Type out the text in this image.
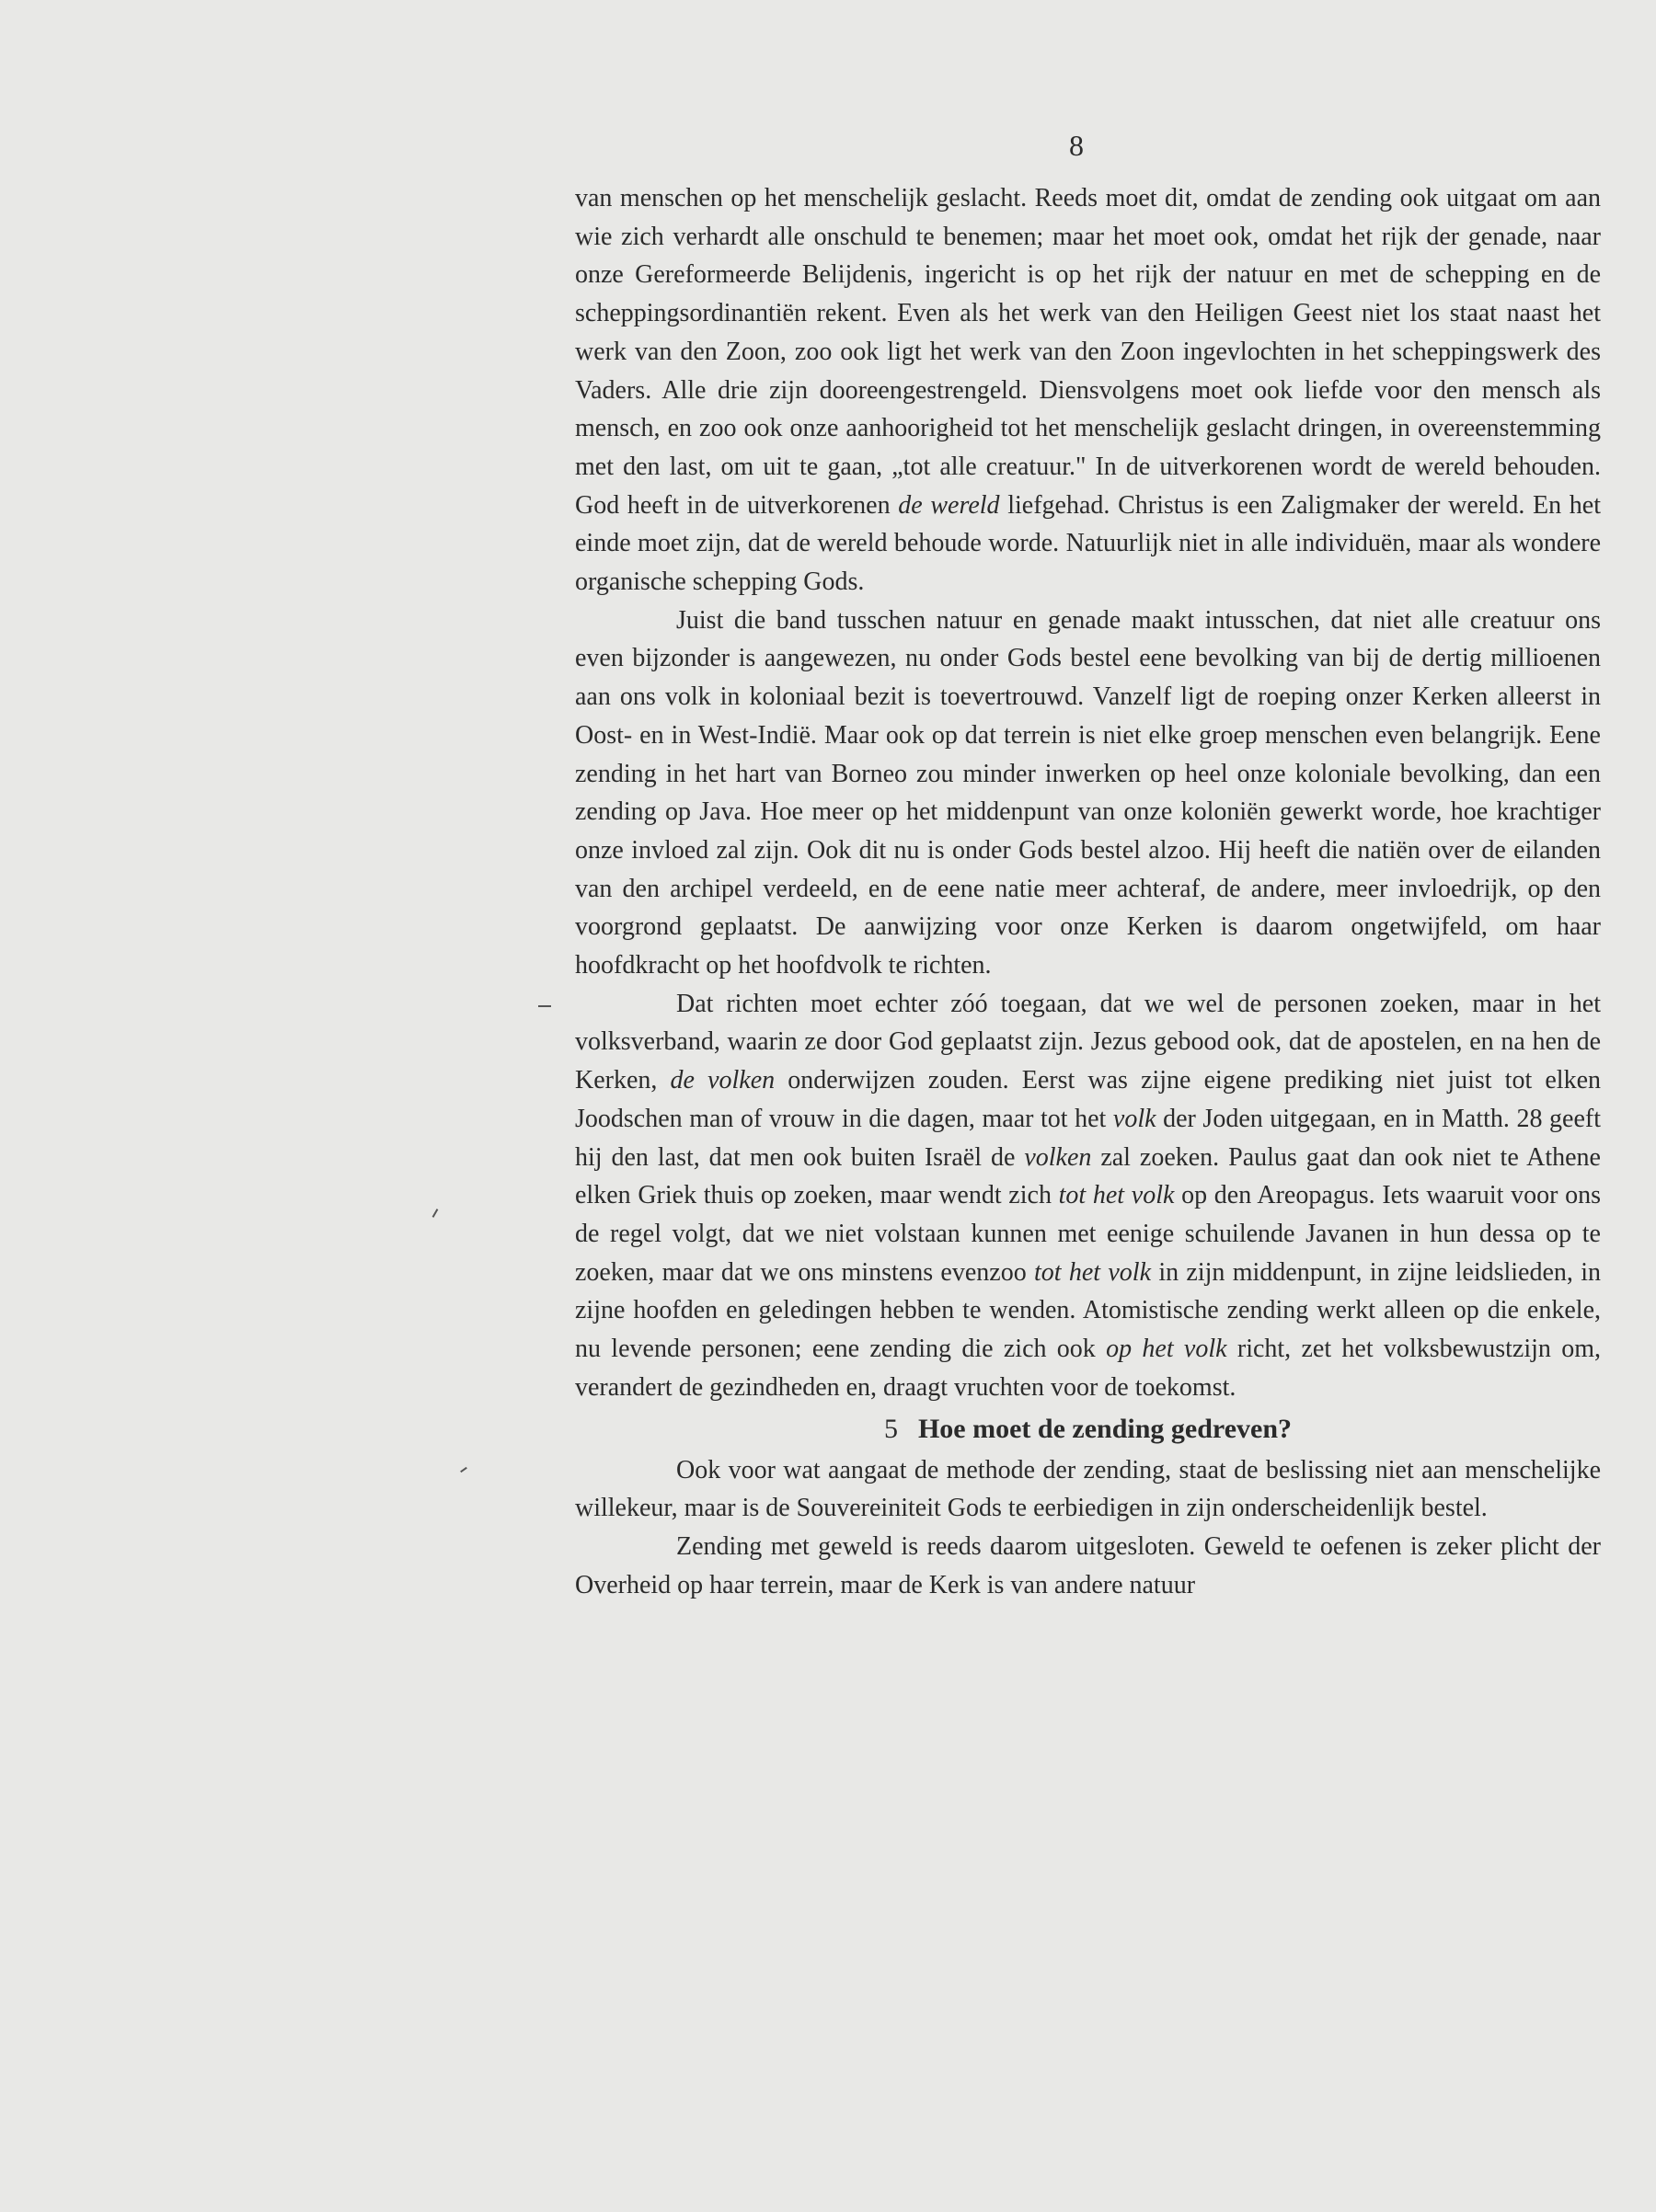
8

van menschen op het menschelijk geslacht. Reeds moet dit, omdat de zending ook uitgaat om aan wie zich verhardt alle onschuld te benemen; maar het moet ook, omdat het rijk der genade, naar onze Gereformeerde Belijdenis, ingericht is op het rijk der natuur en met de schepping en de scheppingsordinantiën rekent. Even als het werk van den Heiligen Geest niet los staat naast het werk van den Zoon, zoo ook ligt het werk van den Zoon ingevlochten in het scheppingswerk des Vaders. Alle drie zijn dooreengestrengeld. Diensvolgens moet ook liefde voor den mensch als mensch, en zoo ook onze aanhoorigheid tot het menschelijk geslacht dringen, in overeenstemming met den last, om uit te gaan, „tot alle creatuur." In de uitverkorenen wordt de wereld behouden. God heeft in de uitverkorenen de wereld liefgehad. Christus is een Zaligmaker der wereld. En het einde moet zijn, dat de wereld behoude worde. Natuurlijk niet in alle individuën, maar als wondere organische schepping Gods.

Juist die band tusschen natuur en genade maakt intusschen, dat niet alle creatuur ons even bijzonder is aangewezen, nu onder Gods bestel eene bevolking van bij de dertig millioenen aan ons volk in koloniaal bezit is toevertrouwd. Vanzelf ligt de roeping onzer Kerken alleerst in Oost- en in West-Indië. Maar ook op dat terrein is niet elke groep menschen even belangrijk. Eene zending in het hart van Borneo zou minder inwerken op heel onze koloniale bevolking, dan een zending op Java. Hoe meer op het middenpunt van onze koloniën gewerkt worde, hoe krachtiger onze invloed zal zijn. Ook dit nu is onder Gods bestel alzoo. Hij heeft die natiën over de eilanden van den archipel verdeeld, en de eene natie meer achteraf, de andere, meer invloedrijk, op den voorgrond geplaatst. De aanwijzing voor onze Kerken is daarom ongetwijfeld, om haar hoofdkracht op het hoofdvolk te richten.

Dat richten moet echter zóó toegaan, dat we wel de personen zoeken, maar in het volksverband, waarin ze door God geplaatst zijn. Jezus gebood ook, dat de apostelen, en na hen de Kerken, de volken onderwijzen zouden. Eerst was zijne eigene prediking niet juist tot elken Joodschen man of vrouw in die dagen, maar tot het volk der Joden uitgegaan, en in Matth. 28 geeft hij den last, dat men ook buiten Israël de volken zal zoeken. Paulus gaat dan ook niet te Athene elken Griek thuis op zoeken, maar wendt zich tot het volk op den Areopagus. Iets waaruit voor ons de regel volgt, dat we niet volstaan kunnen met eenige schuilende Javanen in hun dessa op te zoeken, maar dat we ons minstens evenzoo tot het volk in zijn middenpunt, in zijne leidslieden, in zijne hoofden en geledingen hebben te wenden. Atomistische zending werkt alleen op die enkele, nu levende personen; eene zending die zich ook op het volk richt, zet het volksbewustzijn om, verandert de gezindheden en, draagt vruchten voor de toekomst.

5 Hoe moet de zending gedreven?

Ook voor wat aangaat de methode der zending, staat de beslissing niet aan menschelijke willekeur, maar is de Souvereiniteit Gods te eerbiedigen in zijn onderscheidenlijk bestel.

Zending met geweld is reeds daarom uitgesloten. Geweld te oefenen is zeker plicht der Overheid op haar terrein, maar de Kerk is van andere natuur
